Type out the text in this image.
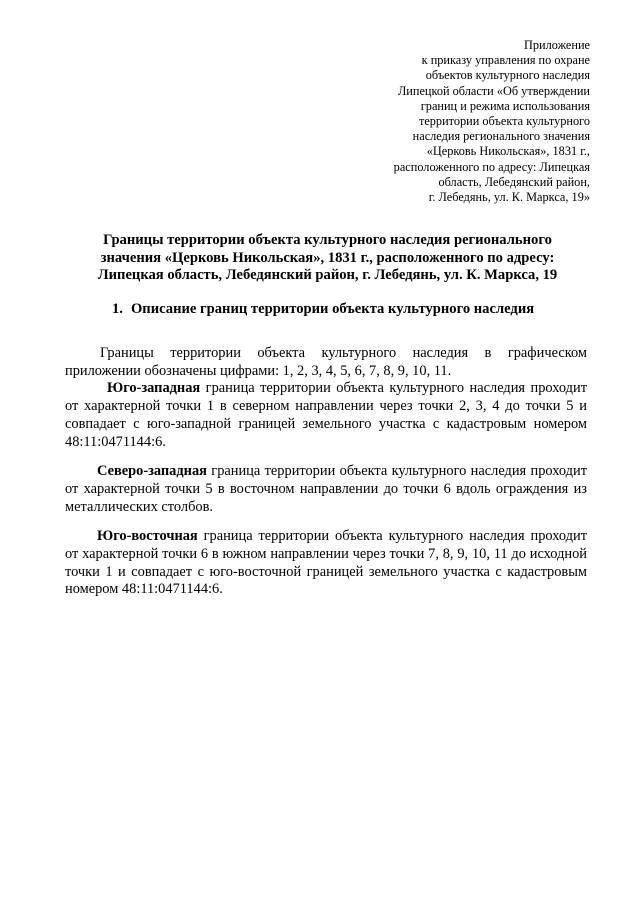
Приложение
к приказу управления по охране
объектов культурного наследия
Липецкой области «Об утверждении
границ и режима использования
территории объекта культурного
наследия регионального значения
«Церковь Никольская», 1831 г.,
расположенного по адресу: Липецкая
область, Лебедянский район,
г. Лебедянь, ул. К. Маркса, 19»
Границы территории объекта культурного наследия регионального
значения «Церковь Никольская», 1831 г., расположенного по адресу:
Липецкая область, Лебедянский район, г. Лебедянь, ул. К. Маркса, 19
1. Описание границ территории объекта культурного наследия

Границы территории объекта культурного наследия в графическом приложении обозначены цифрами: 1, 2, 3, 4, 5, 6, 7, 8, 9, 10, 11.

Юго-западная граница территории объекта культурного наследия проходит от характерной точки 1 в северном направлении через точки 2, 3, 4 до точки 5 и совпадает с юго-западной границей земельного участка с кадастровым номером 48:11:0471144:6.

Северо-западная граница территории объекта культурного наследия проходит от характерной точки 5 в восточном направлении до точки 6 вдоль ограждения из металлических столбов.

Юго-восточная граница территории объекта культурного наследия проходит от характерной точки 6 в южном направлении через точки 7, 8, 9, 10, 11 до исходной точки 1 и совпадает с юго-восточной границей земельного участка с кадастровым номером 48:11:0471144:6.
